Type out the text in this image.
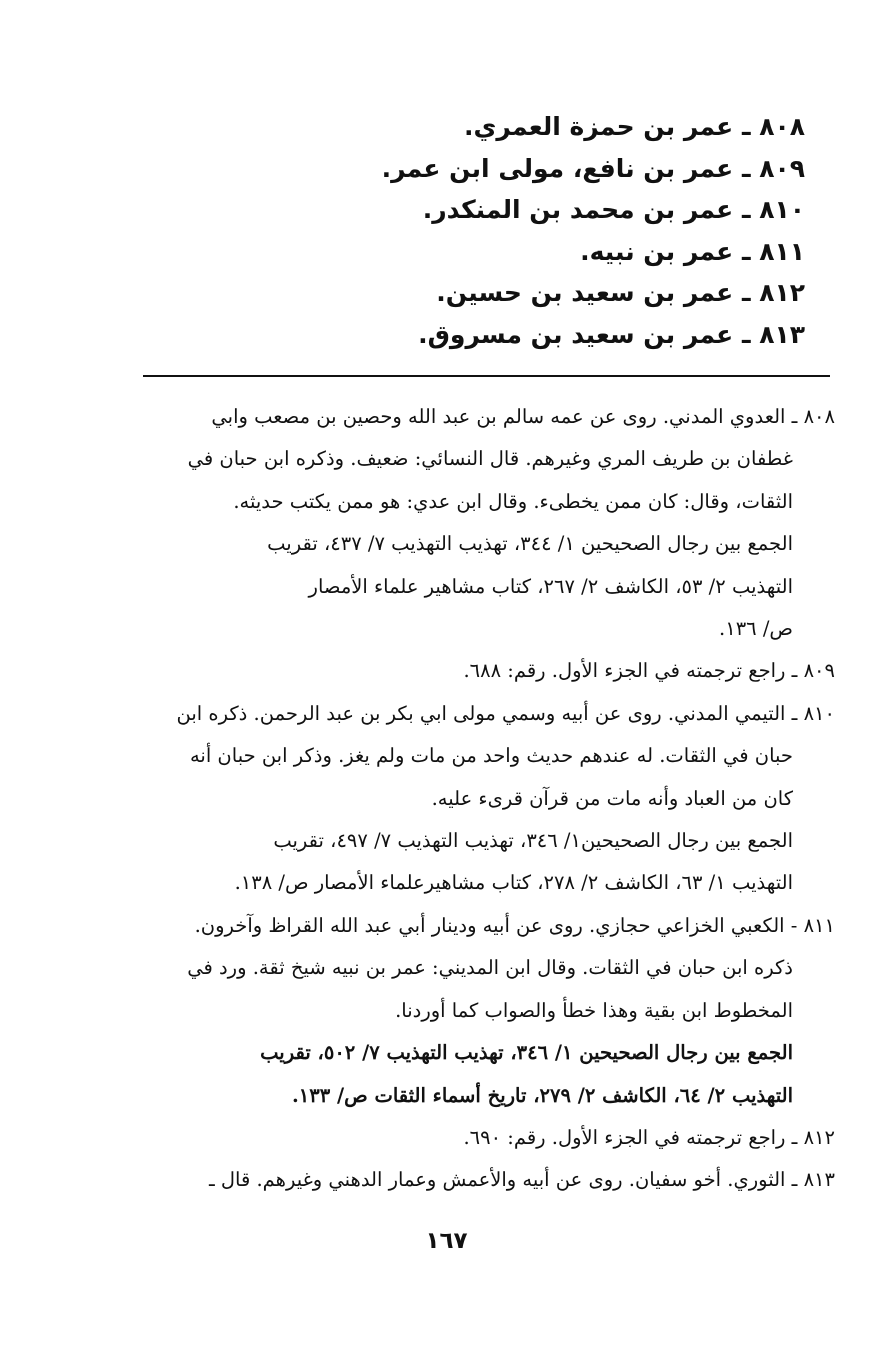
٨٠٨ ـ عمر بن حمزة العمري.

٨٠٩ ـ عمر بن نافع، مولى ابن عمر.

٨١٠ ـ عمر بن محمد بن المنكدر.

٨١١ ـ عمر بن نبيه.

٨١٢ ـ عمر بن سعيد بن حسين.

٨١٣ ـ عمر بن سعيد بن مسروق.

٨٠٨ ـ العدوي المدني. روى عن عمه سالم بن عبد الله وحصين بن مصعب وابي

غطفان بن طريف المري وغيرهم. قال النسائي: ضعيف. وذكره ابن حبان في

الثقات، وقال: كان ممن يخطىء. وقال ابن عدي: هو ممن يكتب حديثه.

الجمع بين رجال الصحيحين ١/ ٣٤٤، تهذيب التهذيب ٧/ ٤٣٧، تقريب

التهذيب ٢/ ٥٣، الكاشف ٢/ ٢٦٧، كتاب مشاهير علماء الأمصار

ص/ ١٣٦.

٨٠٩ ـ راجع ترجمته في الجزء الأول. رقم: ٦٨٨.

٨١٠ ـ التيمي المدني. روى عن أبيه وسمي مولى ابي بكر بن عبد الرحمن. ذكره ابن

حبان في الثقات. له عندهم حديث واحد من مات ولم يغز. وذكر ابن حبان أنه

كان من العباد وأنه مات من قرآن قرىء عليه.

الجمع بين رجال الصحيحين١/ ٣٤٦، تهذيب التهذيب ٧/ ٤٩٧، تقريب

التهذيب ١/ ٦٣، الكاشف ٢/ ٢٧٨، كتاب مشاهيرعلماء الأمصار ص/ ١٣٨.

٨١١ - الكعبي الخزاعي حجازي. روى عن أبيه ودينار أبي عبد الله القراظ وآخرون.

ذكره ابن حبان في الثقات. وقال ابن المديني: عمر بن نبيه شيخ ثقة. ورد في

المخطوط ابن بقية وهذا خطأ والصواب كما أوردنا.

الجمع بين رجال الصحيحين ١/ ٣٤٦، تهذيب التهذيب ٧/ ٥٠٢، تقريب

التهذيب ٢/ ٦٤، الكاشف ٢/ ٢٧٩، تاريخ أسماء الثقات ص/ ١٣٣.

٨١٢ ـ راجع ترجمته في الجزء الأول. رقم: ٦٩٠.

٨١٣ ـ الثوري. أخو سفيان. روى عن أبيه والأعمش وعمار الدهني وغيرهم. قال ـ

١٦٧
